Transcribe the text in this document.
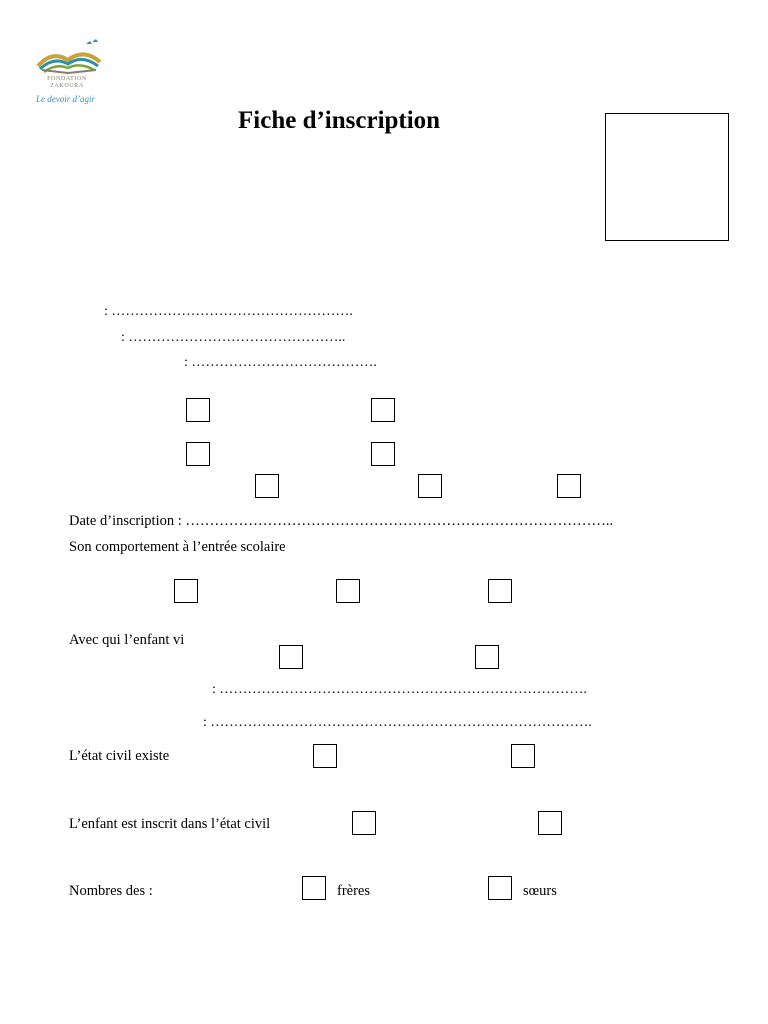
FONDATION
ZAKOURA
Le devoir d’agir
Fiche d’inscription
: …………………………………………….
: ………………………………………..
: ………………………………….
Date d’inscription : ……………………………………………………………………………..
Son comportement à l’entrée scolaire
Avec qui l’enfant vi
: …………………………………………………………………….
: ……………………………………………………………………….
L’état civil existe
L’enfant est inscrit dans l’état civil
Nombres des :	frères	sœurs
